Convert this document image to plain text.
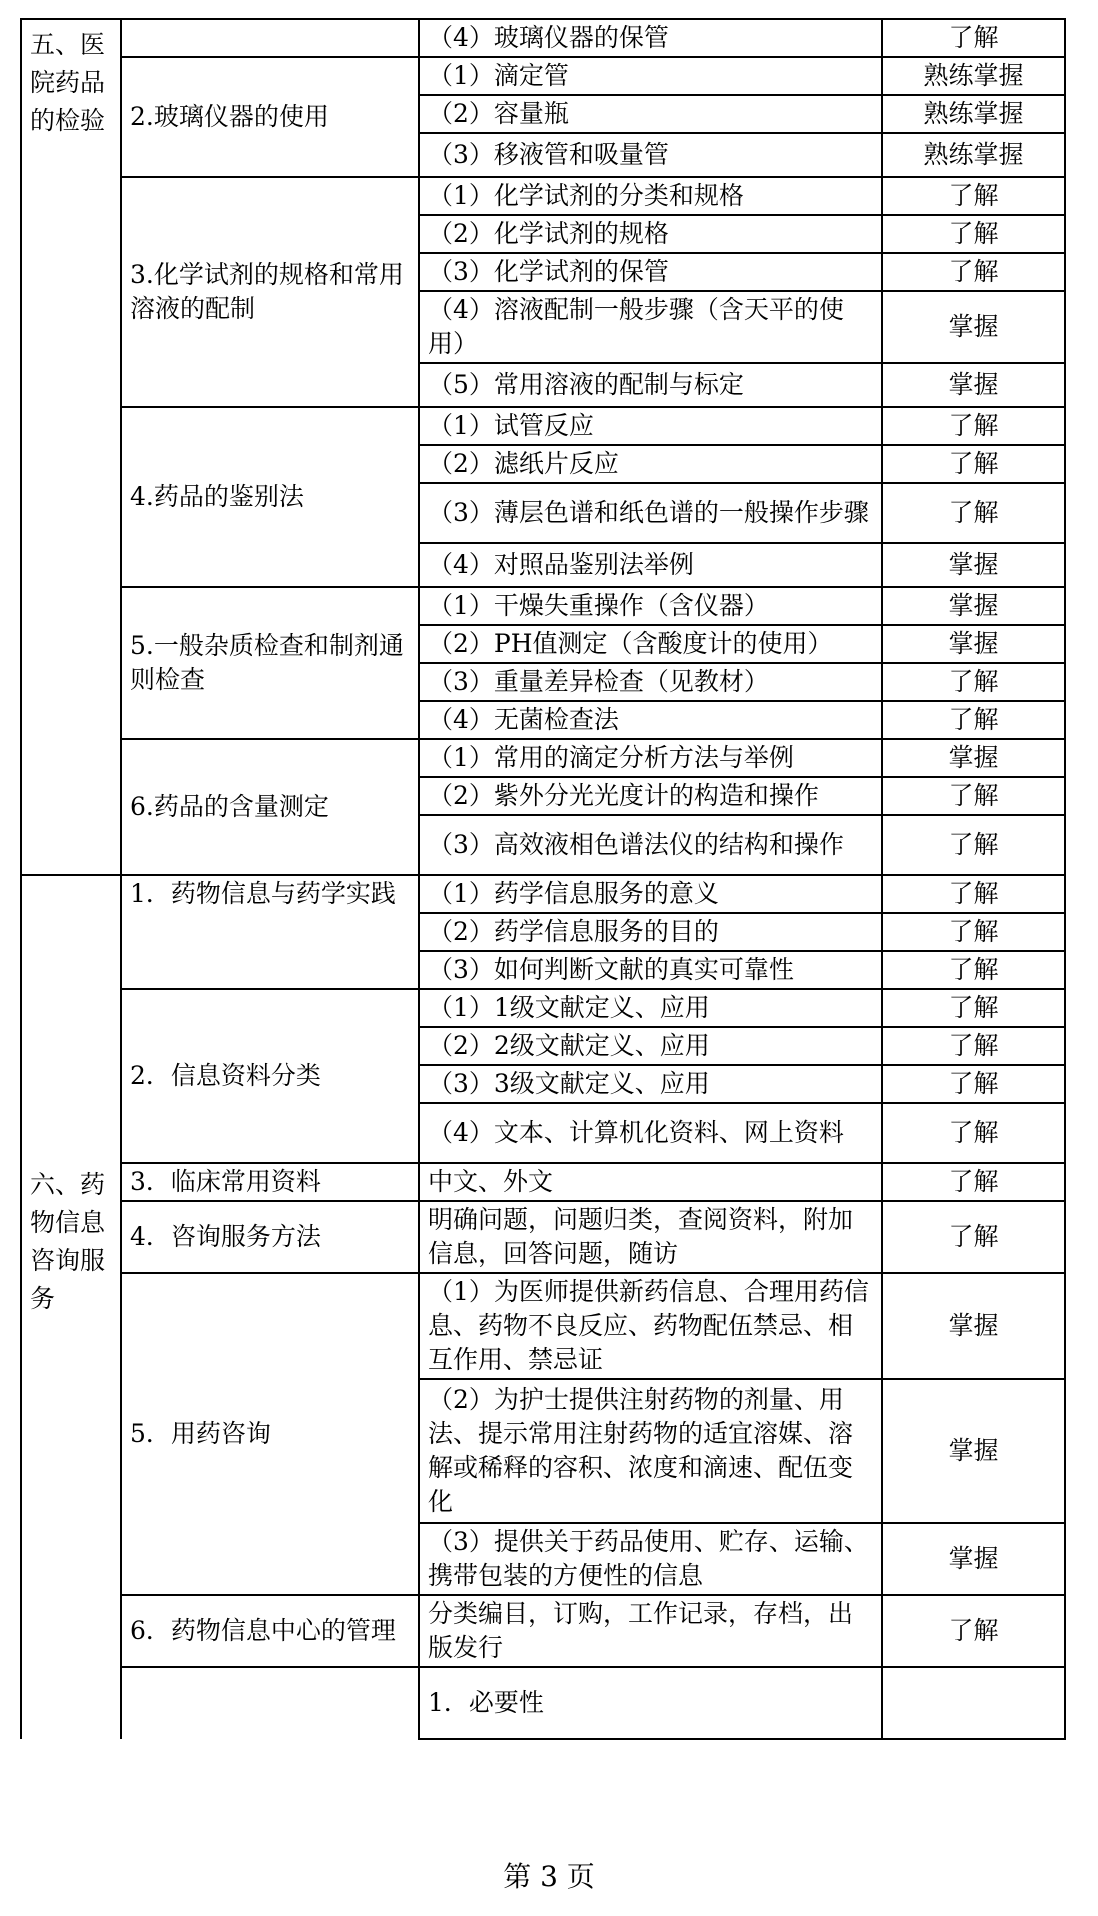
五、医院药品的检验		（4）玻璃仪器的保管	了解	
	2.玻璃仪器的使用	（1）滴定管	熟练掌握	
		（2）容量瓶	熟练掌握	
		（3）移液管和吸量管	熟练掌握	
	3.化学试剂的规格和常用溶液的配制	（1）化学试剂的分类和规格	了解	
		（2）化学试剂的规格	了解	
		（3）化学试剂的保管	了解	
		（4）溶液配制一般步骤（含天平的使用）	掌握	
		（5）常用溶液的配制与标定	掌握	
	4.药品的鉴别法	（1）试管反应	了解	
		（2）滤纸片反应	了解	
		（3）薄层色谱和纸色谱的一般操作步骤	了解	
		（4）对照品鉴别法举例	掌握	
	5.一般杂质检查和制剂通则检查	（1）干燥失重操作（含仪器）	掌握	
		（2）PH值测定（含酸度计的使用）	掌握	
		（3）重量差异检查（见教材）	了解	
		（4）无菌检查法	了解	
	6.药品的含量测定	（1）常用的滴定分析方法与举例	掌握	
		（2）紫外分光光度计的构造和操作	了解	
		（3）高效液相色谱法仪的结构和操作	了解	
六、药物信息咨询服务	1．药物信息与药学实践	（1）药学信息服务的意义	了解	
		（2）药学信息服务的目的	了解	
		（3）如何判断文献的真实可靠性	了解	
	2．信息资料分类	（1）1级文献定义、应用	了解	
		（2）2级文献定义、应用	了解	
		（3）3级文献定义、应用	了解	
		（4）文本、计算机化资料、网上资料	了解	
	3．临床常用资料	中文、外文	了解	
	4．咨询服务方法	明确问题，问题归类，查阅资料，附加信息，回答问题，随访	了解	
	5．用药咨询	（1）为医师提供新药信息、合理用药信息、药物不良反应、药物配伍禁忌、相互作用、禁忌证	掌握	
		（2）为护士提供注射药物的剂量、用法、提示常用注射药物的适宜溶媒、溶解或稀释的容积、浓度和滴速、配伍变化	掌握	
		（3）提供关于药品使用、贮存、运输、携带包装的方便性的信息	掌握	
	6．药物信息中心的管理	分类编目，订购，工作记录，存档，出版发行	了解	
		1．必要性		
第 3 页
